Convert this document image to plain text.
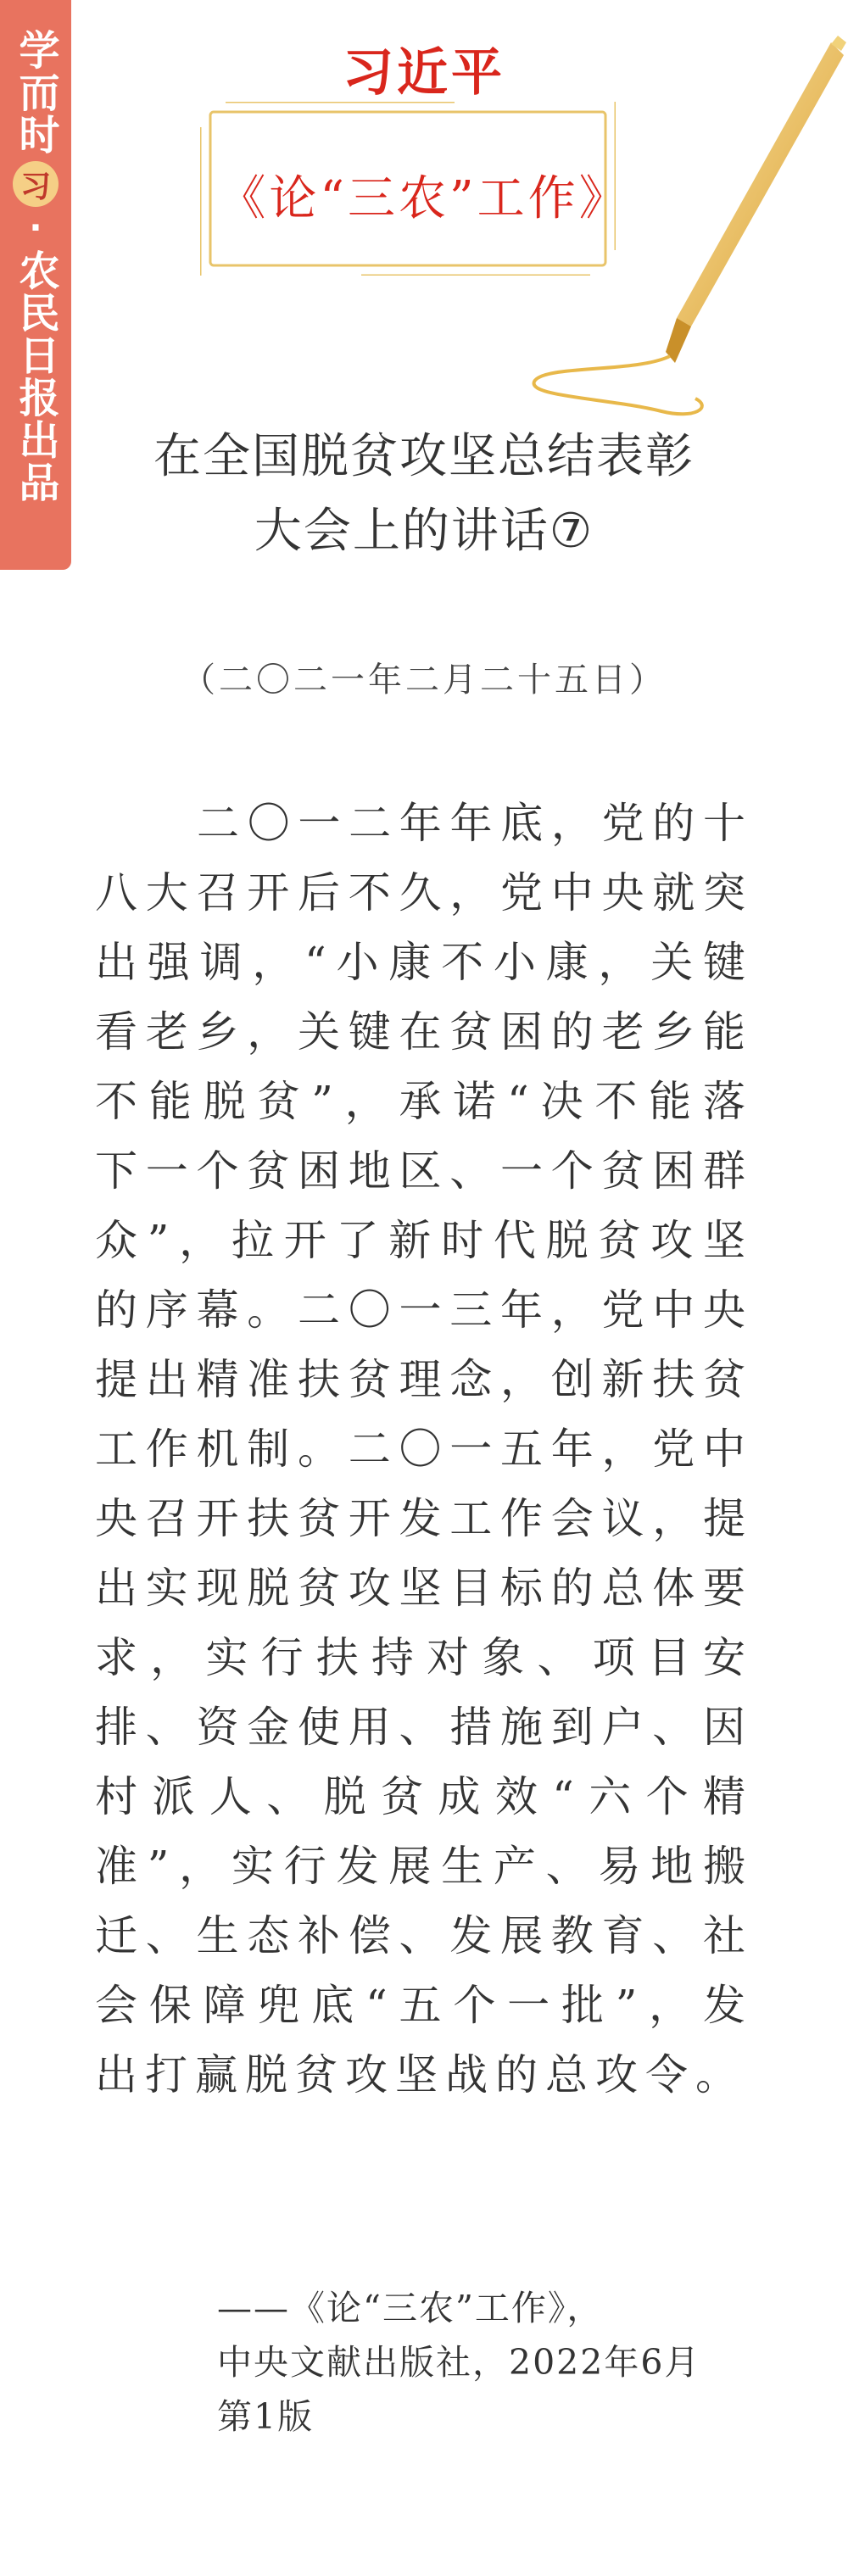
学而时
习
·
农民日报出品
习近平
《论“三农”工作》
在全国脱贫攻坚总结表彰
大会上的讲话⑦
（二〇二一年二月二十五日）
二〇一二年年底，党的十八大召开后不久，党中央就突出强调，“小康不小康，关键看老乡，关键在贫困的老乡能不能脱贫”，承诺“决不能落下一个贫困地区、一个贫困群众”，拉开了新时代脱贫攻坚的序幕。二〇一三年，党中央提出精准扶贫理念，创新扶贫工作机制。二〇一五年，党中央召开扶贫开发工作会议，提出实现脱贫攻坚目标的总体要求，实行扶持对象、项目安排、资金使用、措施到户、因村派人、脱贫成效“六个精准”，实行发展生产、易地搬迁、生态补偿、发展教育、社会保障兜底“五个一批”，发出打赢脱贫攻坚战的总攻令。
——《论“三农”工作》，
中央文献出版社，2022年6月
第1版
